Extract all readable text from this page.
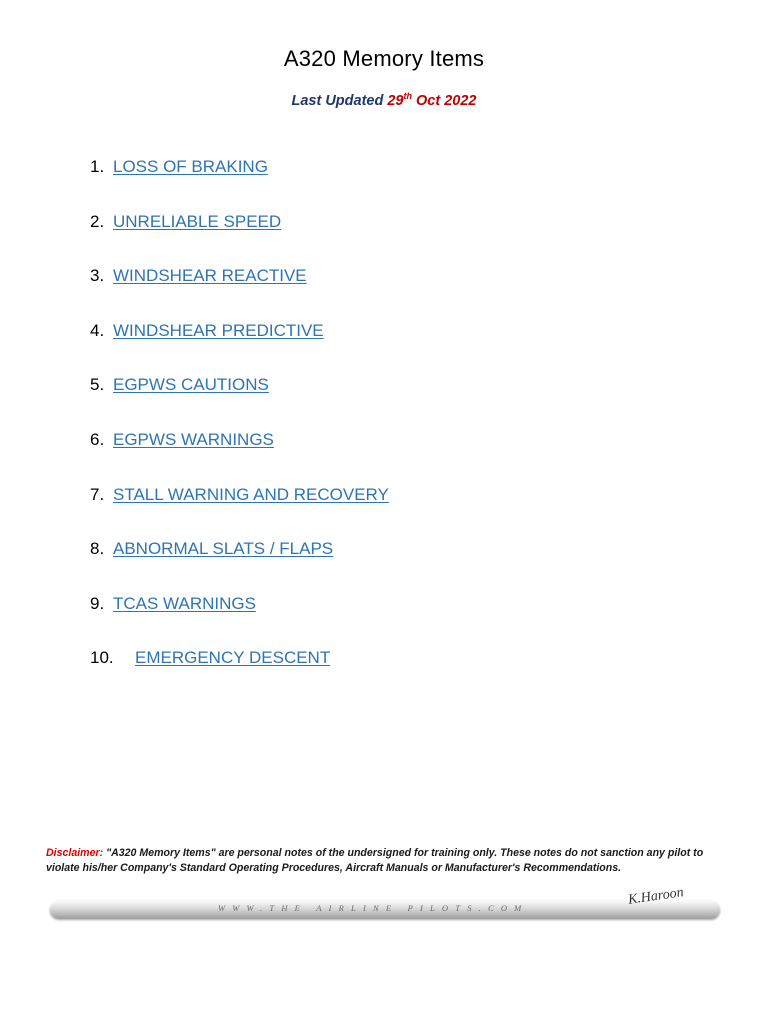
A320 Memory Items
Last Updated 29th Oct 2022
1. LOSS OF BRAKING
2. UNRELIABLE SPEED
3. WINDSHEAR REACTIVE
4. WINDSHEAR PREDICTIVE
5. EGPWS CAUTIONS
6. EGPWS WARNINGS
7. STALL WARNING AND RECOVERY
8. ABNORMAL SLATS / FLAPS
9. TCAS WARNINGS
10.	EMERGENCY DESCENT
Disclaimer: "A320 Memory Items" are personal notes of the undersigned for training only. These notes do not sanction any pilot to violate his/her Company's Standard Operating Procedures, Aircraft Manuals or Manufacturer's Recommendations.
WWW.THE AIRLINE PILOTS.COM
K.Haroon
